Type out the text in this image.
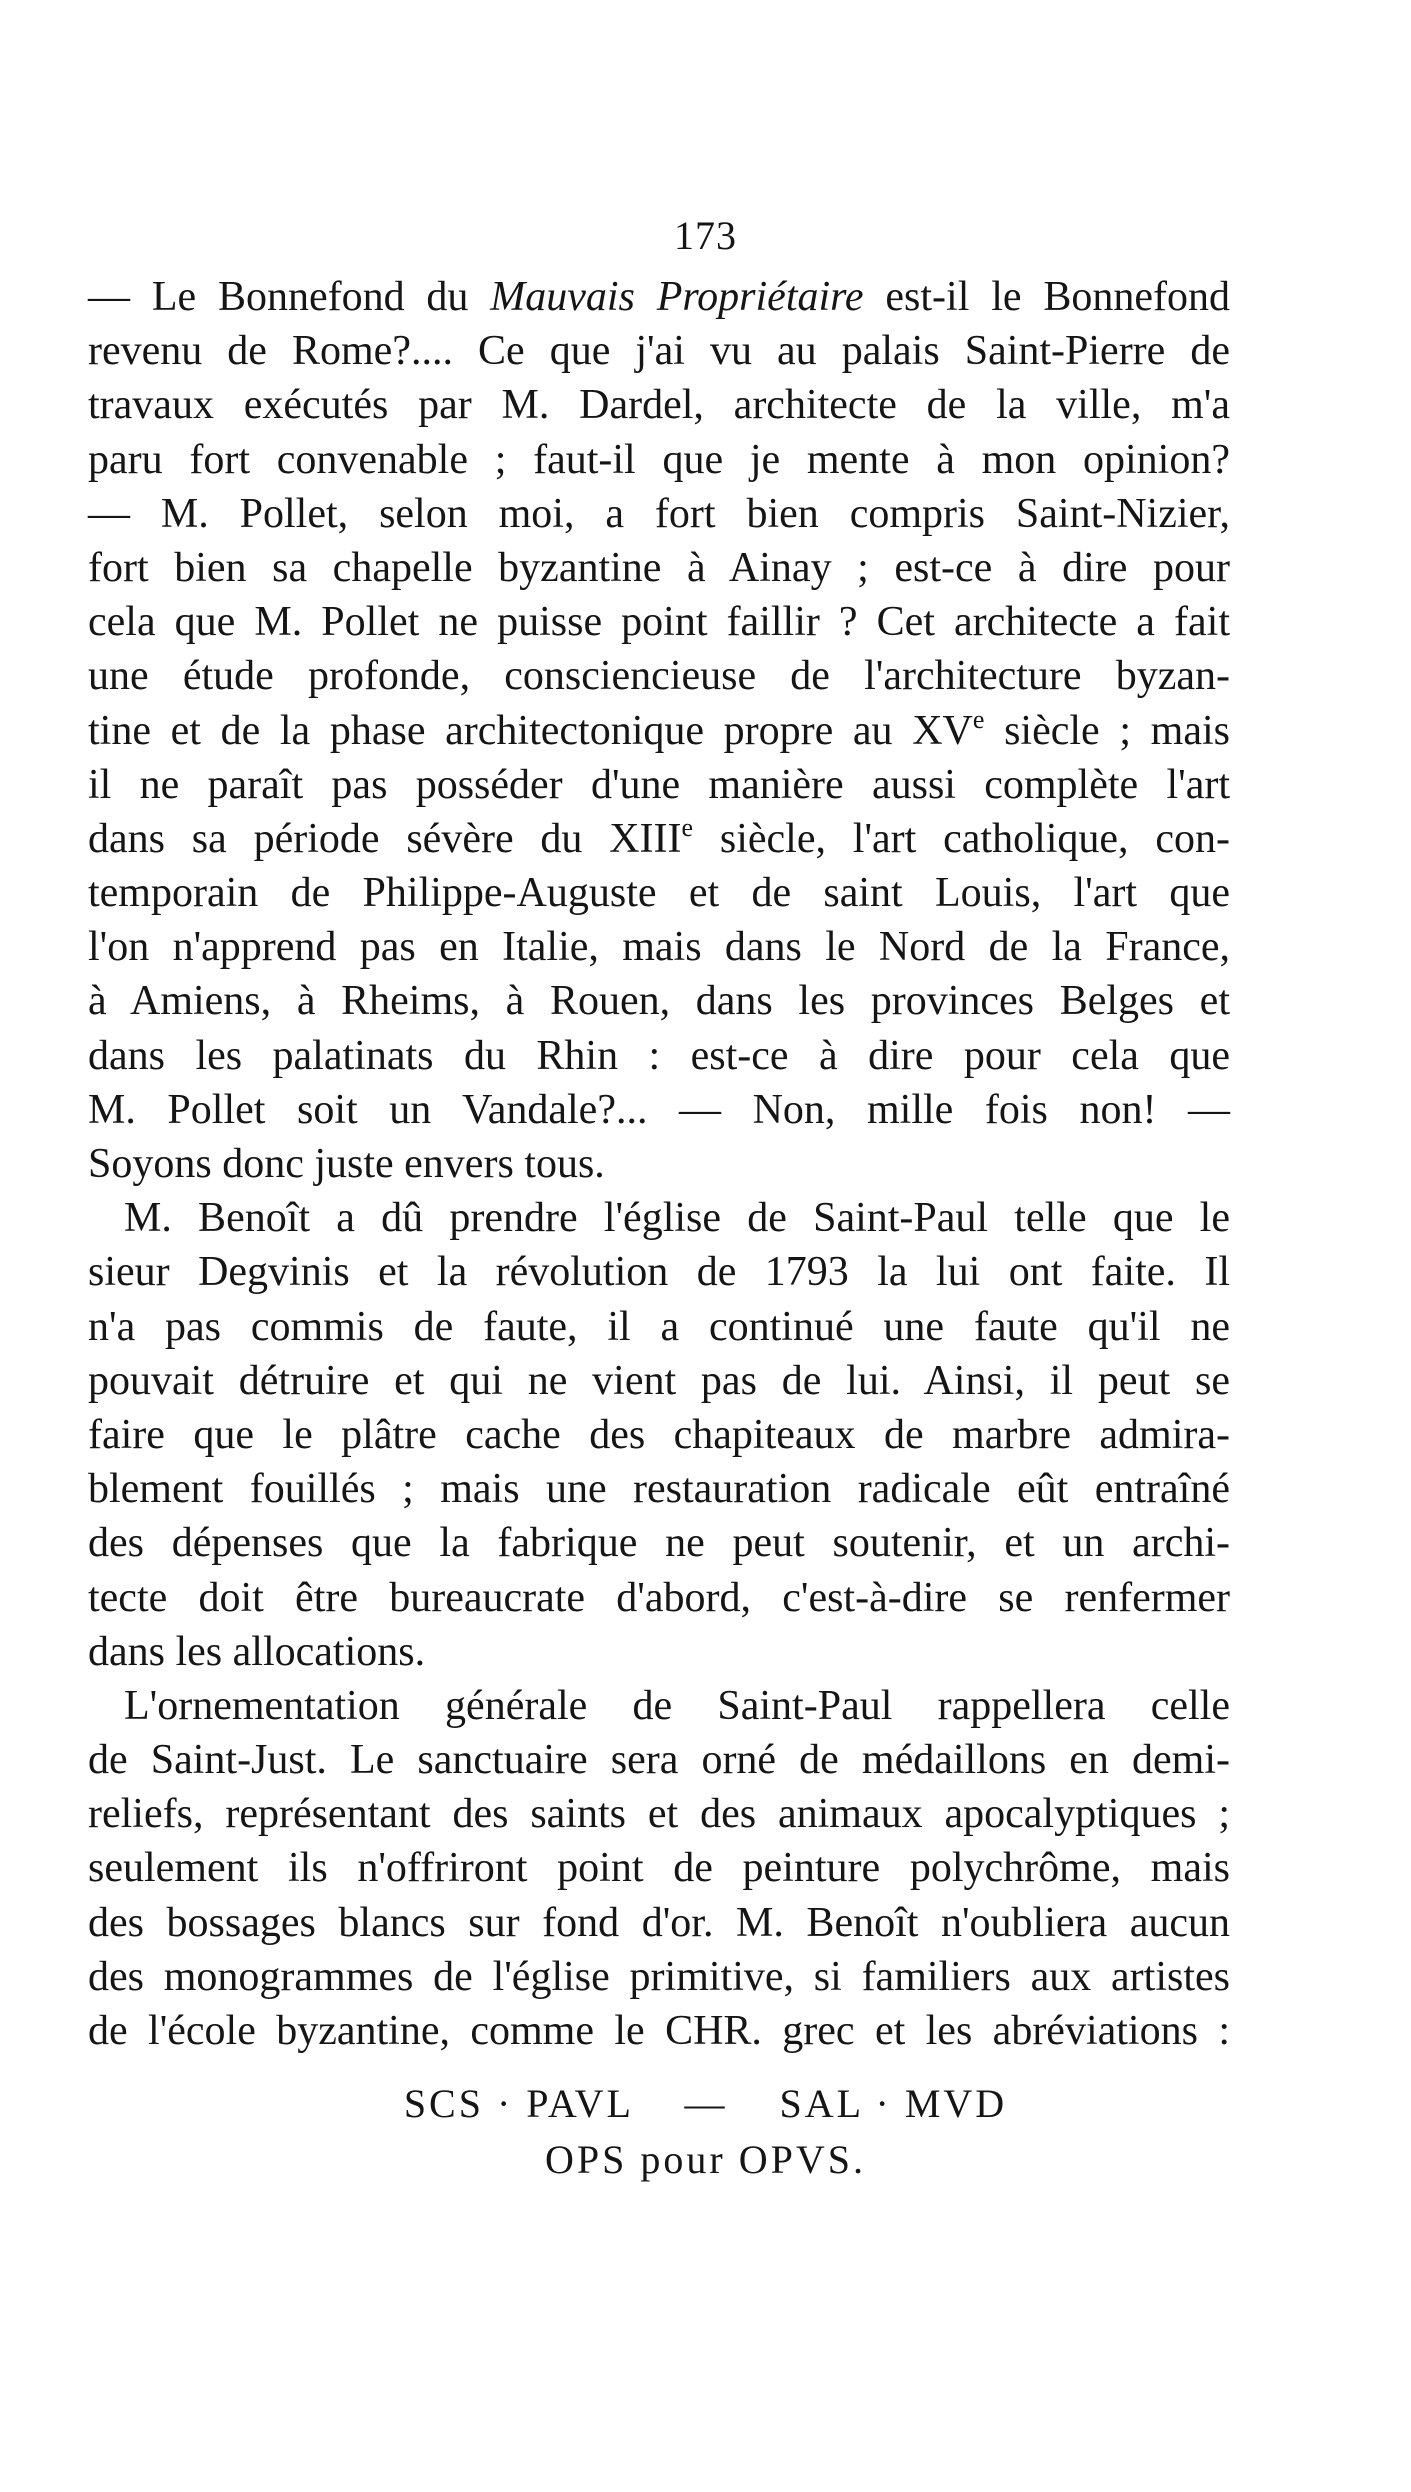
173
— Le Bonnefond du Mauvais Propriétaire est-il le Bonnefond
revenu de Rome?.... Ce que j'ai vu au palais Saint-Pierre de
travaux exécutés par M. Dardel, architecte de la ville, m'a
paru fort convenable ; faut-il que je mente à mon opinion?
— M. Pollet, selon moi, a fort bien compris Saint-Nizier,
fort bien sa chapelle byzantine à Ainay ; est-ce à dire pour
cela que M. Pollet ne puisse point faillir ? Cet architecte a fait
une étude profonde, consciencieuse de l'architecture byzan-
tine et de la phase architectonique propre au XVe siècle ; mais
il ne paraît pas posséder d'une manière aussi complète l'art
dans sa période sévère du XIIIe siècle, l'art catholique, con-
temporain de Philippe-Auguste et de saint Louis, l'art que
l'on n'apprend pas en Italie, mais dans le Nord de la France,
à Amiens, à Rheims, à Rouen, dans les provinces Belges et
dans les palatinats du Rhin : est-ce à dire pour cela que
M. Pollet soit un Vandale?... — Non, mille fois non! —
Soyons donc juste envers tous.
M. Benoît a dû prendre l'église de Saint-Paul telle que le
sieur Degvinis et la révolution de 1793 la lui ont faite. Il
n'a pas commis de faute, il a continué une faute qu'il ne
pouvait détruire et qui ne vient pas de lui. Ainsi, il peut se
faire que le plâtre cache des chapiteaux de marbre admira-
blement fouillés ; mais une restauration radicale eût entraîné
des dépenses que la fabrique ne peut soutenir, et un archi-
tecte doit être bureaucrate d'abord, c'est-à-dire se renfermer
dans les allocations.
L'ornementation générale de Saint-Paul rappellera celle
de Saint-Just. Le sanctuaire sera orné de médaillons en demi-
reliefs, représentant des saints et des animaux apocalyptiques ;
seulement ils n'offriront point de peinture polychrôme, mais
des bossages blancs sur fond d'or. M. Benoît n'oubliera aucun
des monogrammes de l'église primitive, si familiers aux artistes
de l'école byzantine, comme le CHR. grec et les abréviations :
SCS · PAVL    —    SAL · MVD
OPS pour OPVS.
